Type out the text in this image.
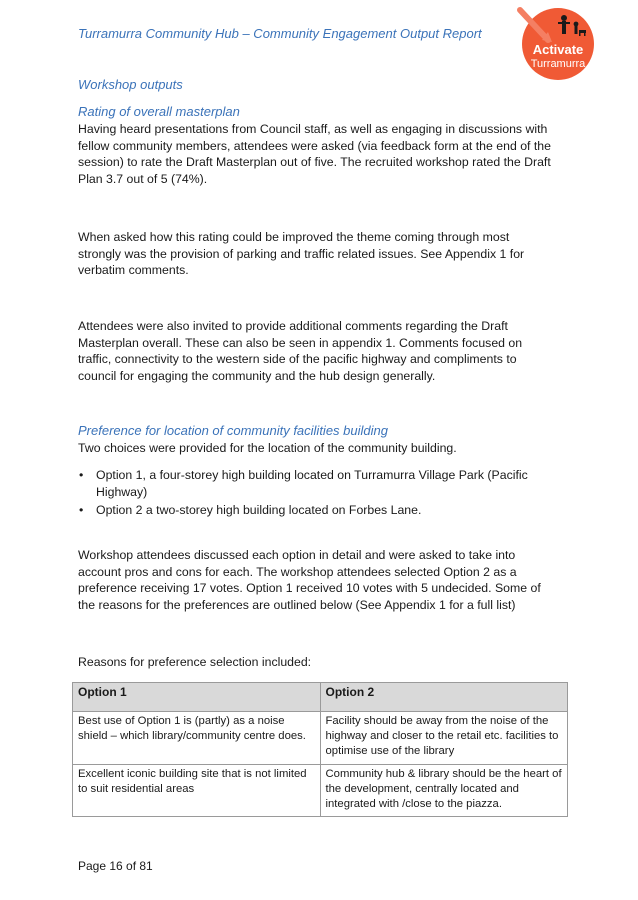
Turramurra Community Hub – Community Engagement Output Report
Activate
Turramurra
Workshop outputs
Rating of overall masterplan
Having heard presentations from Council staff, as well as engaging in discussions with fellow community members, attendees were asked (via feedback form at the end of the session) to rate the Draft Masterplan out of five. The recruited workshop rated the Draft Plan 3.7 out of 5 (74%).
When asked how this rating could be improved the theme coming through most strongly was the provision of parking and traffic related issues. See Appendix 1 for verbatim comments.
Attendees were also invited to provide additional comments regarding the Draft Masterplan overall. These can also be seen in appendix 1. Comments focused on traffic, connectivity to the western side of the pacific highway and compliments to council for engaging the community and the hub design generally.
Preference for location of community facilities building
Two choices were provided for the location of the community building.
• Option 1, a four-storey high building located on Turramurra Village Park (Pacific Highway)
• Option 2 a two-storey high building located on Forbes Lane.
Workshop attendees discussed each option in detail and were asked to take into account pros and cons for each. The workshop attendees selected Option 2 as a preference receiving 17 votes. Option 1 received 10 votes with 5 undecided. Some of the reasons for the preferences are outlined below (See Appendix 1 for a full list)
Reasons for preference selection included:
Option 1	Option 2
Best use of Option 1 is (partly) as a noise shield – which library/community centre does.	Facility should be away from the noise of the highway and closer to the retail etc. facilities to optimise use of the library
Excellent iconic building site that is not limited to suit residential areas	Community hub & library should be the heart of the development, centrally located and integrated with /close to the piazza.
Page 16 of 81
